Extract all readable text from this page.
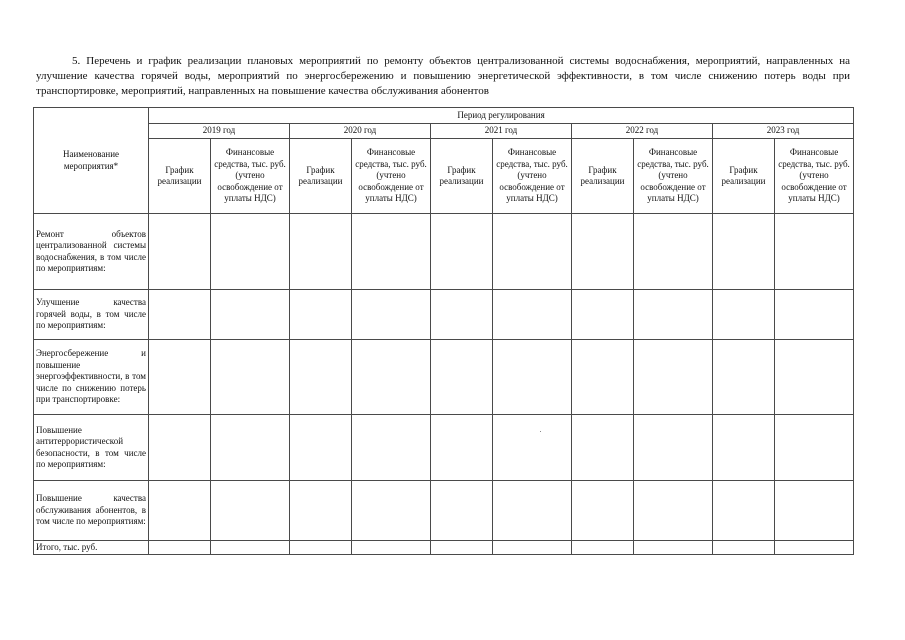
5. Перечень и график реализации плановых мероприятий по ремонту объектов централизованной системы водоснабжения, мероприятий, направленных на улучшение качества горячей воды, мероприятий по энергосбережению и повышению энергетической эффективности, в том числе снижению потерь воды при транспортировке, мероприятий, направленных на повышение качества обслуживания абонентов

Наименование мероприятия*	Период регулирования									
	2019 год		2020 год		2021 год		2022 год		2023 год	
	График реализации	Финансовые средства, тыс. руб. (учтено освобождение от уплаты НДС)	График реализации	Финансовые средства, тыс. руб. (учтено освобождение от уплаты НДС)	График реализации	Финансовые средства, тыс. руб. (учтено освобождение от уплаты НДС)	График реализации	Финансовые средства, тыс. руб. (учтено освобождение от уплаты НДС)	График реализации	Финансовые средства, тыс. руб. (учтено освобождение от уплаты НДС)
Ремонт объектов централизованной системы водоснабжения, в том числе по мероприятиям:										
Улучшение качества горячей воды, в том числе по мероприятиям:										
Энергосбережение и повышение энергоэффективности, в том числе по снижению потерь при транспортировке:										
Повышение антитеррористической безопасности, в том числе по мероприятиям:										
Повышение качества обслуживания абонентов, в том числе по мероприятиям:										
Итого, тыс. руб.										
